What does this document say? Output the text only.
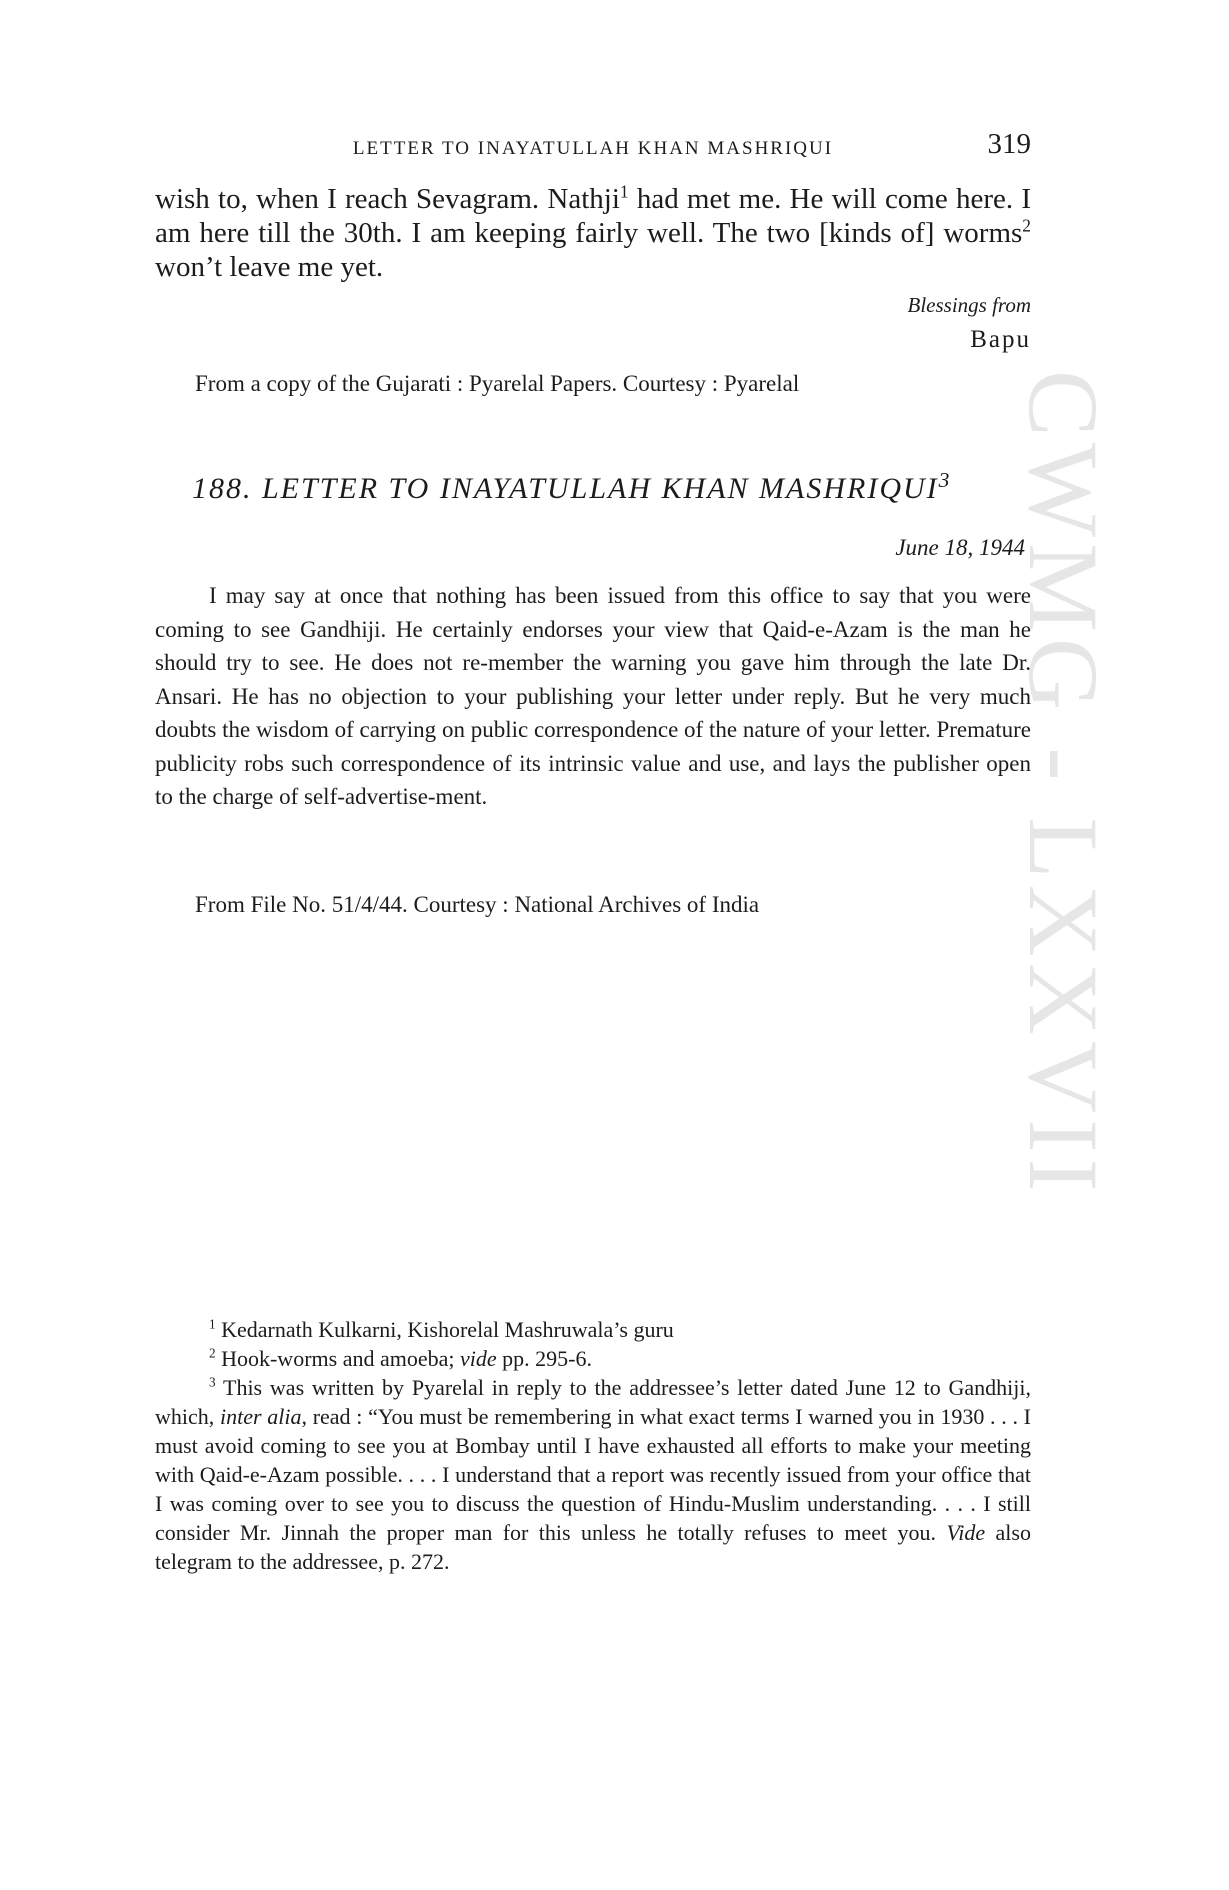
CWMG - LXXVII
LETTER TO INAYATULLAH KHAN MASHRIQUI	319

wish to, when I reach Sevagram. Nathji$^1$ had met me. He will come here. I am here till the 30th. I am keeping fairly well. The two [kinds of] worms$^2$ won’t leave me yet.

Blessings from
Bapu
From a copy of the Gujarati : Pyarelal Papers. Courtesy : Pyarelal
188. LETTER TO INAYATULLAH KHAN MASHRIQUI$^3$
June 18, 1944

I may say at once that nothing has been issued from this office to say that you were coming to see Gandhiji. He certainly endorses your view that Qaid-e-Azam is the man he should try to see. He does not re-member the warning you gave him through the late Dr. Ansari. He has no objection to your publishing your letter under reply. But he very much doubts the wisdom of carrying on public correspondence of the nature of your letter. Premature publicity robs such correspondence of its intrinsic value and use, and lays the publisher open to the charge of self-advertise-ment.

From File No. 51/4/44. Courtesy : National Archives of India

$^1$ Kedarnath Kulkarni, Kishorelal Mashruwala’s guru

$^2$ Hook-worms and amoeba; vide pp. 295-6.

$^3$ This was written by Pyarelal in reply to the addressee’s letter dated June 12 to Gandhiji, which, inter alia, read : “You must be remembering in what exact terms I warned you in 1930 . . . I must avoid coming to see you at Bombay until I have exhausted all efforts to make your meeting with Qaid-e-Azam possible. . . . I understand that a report was recently issued from your office that I was coming over to see you to discuss the question of Hindu-Muslim understanding. . . . I still consider Mr. Jinnah the proper man for this unless he totally refuses to meet you. Vide also telegram to the addressee, p. 272.
